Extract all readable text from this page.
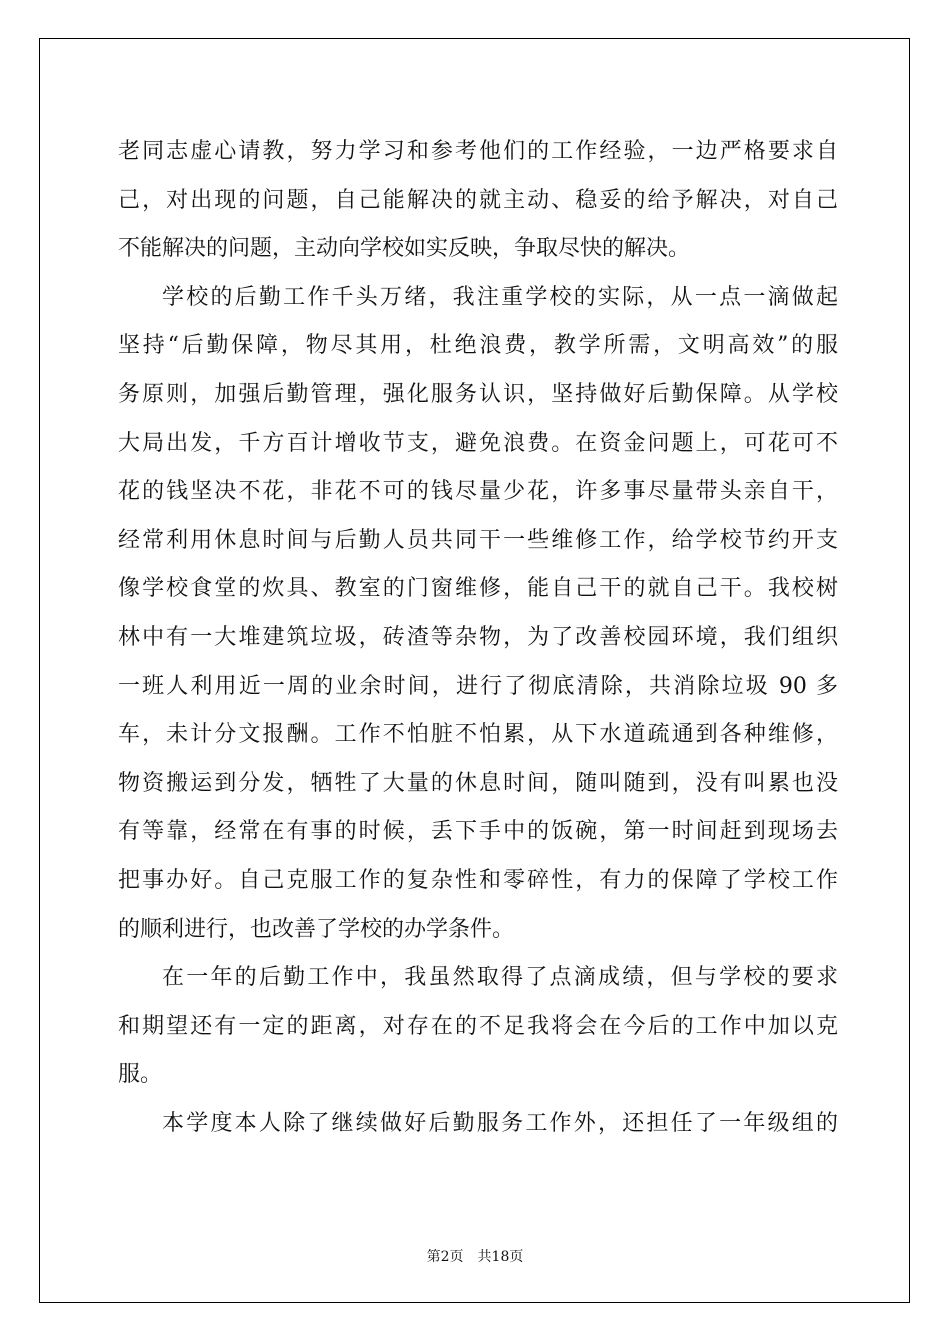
老同志虚心请教，努力学习和参考他们的工作经验，一边严格要求自
己，对出现的问题，自己能解决的就主动、稳妥的给予解决，对自己
不能解决的问题，主动向学校如实反映，争取尽快的解决。
学校的后勤工作千头万绪，我注重学校的实际，从一点一滴做起
坚持“后勤保障，物尽其用，杜绝浪费，教学所需，文明高效”的服
务原则，加强后勤管理，强化服务认识，坚持做好后勤保障。从学校
大局出发，千方百计增收节支，避免浪费。在资金问题上，可花可不
花的钱坚决不花，非花不可的钱尽量少花，许多事尽量带头亲自干，
经常利用休息时间与后勤人员共同干一些维修工作，给学校节约开支
像学校食堂的炊具、教室的门窗维修，能自己干的就自己干。我校树
林中有一大堆建筑垃圾，砖渣等杂物，为了改善校园环境，我们组织
一班人利用近一周的业余时间，进行了彻底清除，共消除垃圾 90 多
车，未计分文报酬。工作不怕脏不怕累，从下水道疏通到各种维修，
物资搬运到分发，牺牲了大量的休息时间，随叫随到，没有叫累也没
有等靠，经常在有事的时候，丢下手中的饭碗，第一时间赶到现场去
把事办好。自己克服工作的复杂性和零碎性，有力的保障了学校工作
的顺利进行，也改善了学校的办学条件。
在一年的后勤工作中，我虽然取得了点滴成绩，但与学校的要求
和期望还有一定的距离，对存在的不足我将会在今后的工作中加以克
服。
本学度本人除了继续做好后勤服务工作外，还担任了一年级组的
第2页 共18页
